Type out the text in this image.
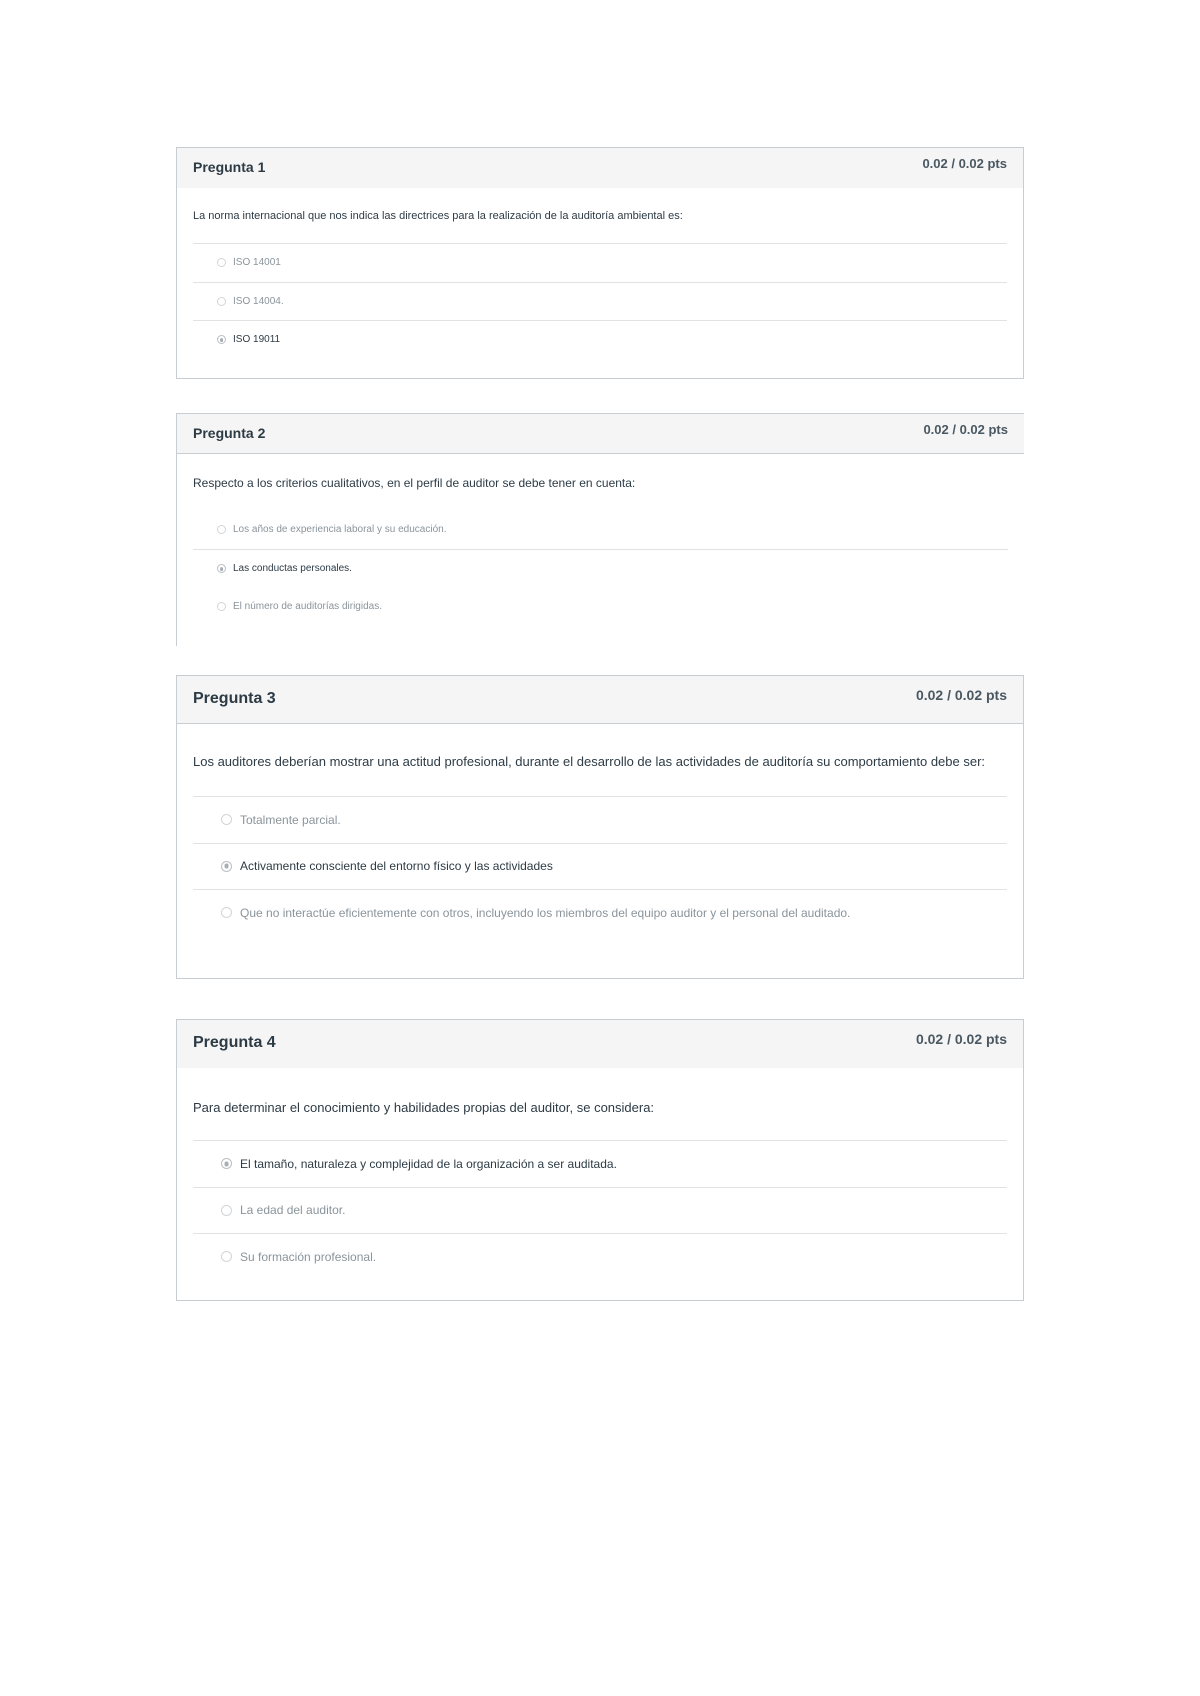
Pregunta 1	0.02 / 0.02 pts
La norma internacional que nos indica las directrices para la realización de la auditoría ambiental es:
ISO 14001
ISO 14004.
ISO 19011
Pregunta 2	0.02 / 0.02 pts
Respecto a los criterios cualitativos, en el perfil de auditor se debe tener en cuenta:
Los años de experiencia laboral y su educación.
Las conductas personales.
El número de auditorías dirigidas.
Pregunta 3	0.02 / 0.02 pts
Los auditores deberían mostrar una actitud profesional, durante el desarrollo de las actividades de auditoría su comportamiento debe ser:
Totalmente parcial.
Activamente consciente del entorno físico y las actividades
Que no interactúe eficientemente con otros, incluyendo los miembros del equipo auditor y el personal del auditado.
Pregunta 4	0.02 / 0.02 pts
Para determinar el conocimiento y habilidades propias del auditor, se considera:
El tamaño, naturaleza y complejidad de la organización a ser auditada.
La edad del auditor.
Su formación profesional.
